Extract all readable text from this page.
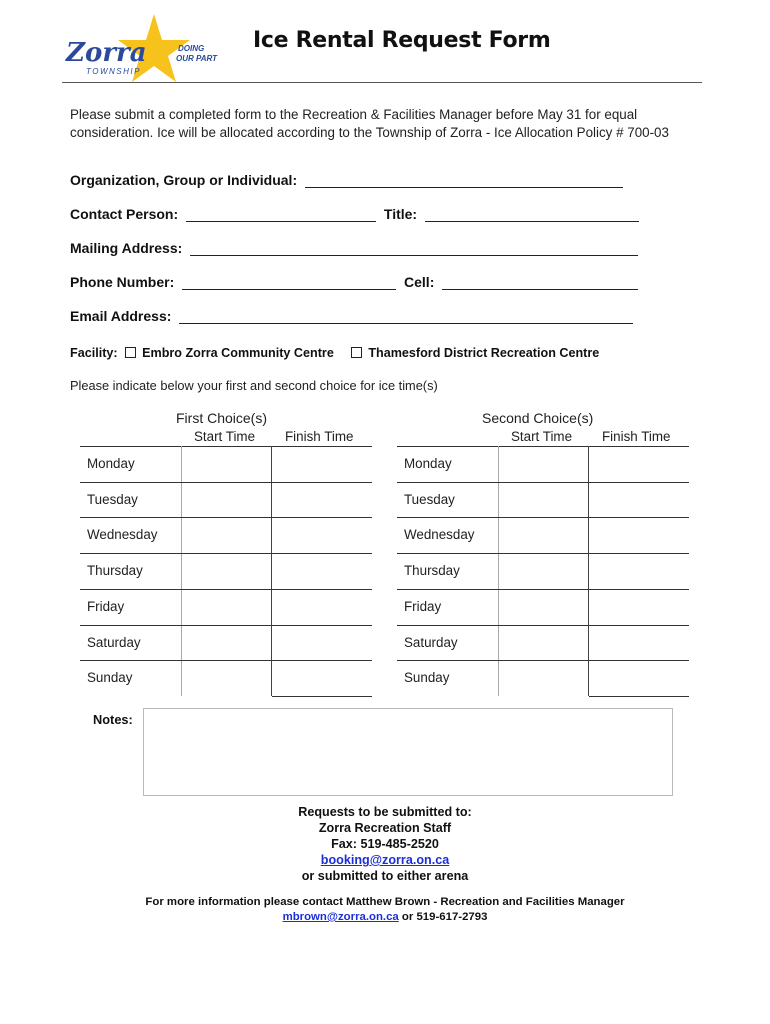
Zorra
TOWNSHIP
DOING
OUR PART
Ice Rental Request Form
Please submit a completed form to the Recreation & Facilities Manager before May 31 for equal consideration. Ice will be allocated according to the Township of Zorra - Ice Allocation Policy # 700-03
Organization, Group or Individual:
Contact Person:	Title:
Mailing Address:
Phone Number:	Cell:
Email Address:
Facility: Embro Zorra Community Centre	Thamesford District Recreation Centre
Please indicate below your first and second choice for ice time(s)
First Choice(s)
Start Time Finish Time
Monday
Tuesday
Wednesday
Thursday
Friday
Saturday
Sunday
Second Choice(s)
Start Time Finish Time
Monday
Tuesday
Wednesday
Thursday
Friday
Saturday
Sunday
Notes:
Requests to be submitted to:
Zorra Recreation Staff
Fax: 519-485-2520
booking@zorra.on.ca
or submitted to either arena
For more information please contact Matthew Brown - Recreation and Facilities Manager
mbrown@zorra.on.ca or 519-617-2793
